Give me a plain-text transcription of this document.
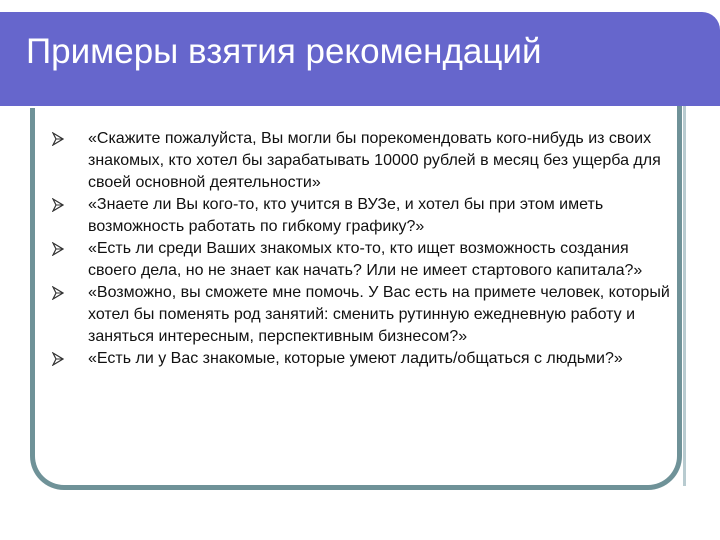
Примеры взятия рекомендаций
«Скажите пожалуйста, Вы могли бы порекомендовать кого-нибудь из своих знакомых, кто хотел бы зарабатывать 10000 рублей в месяц без ущерба для своей основной деятельности»
«Знаете ли Вы кого-то, кто учится в ВУЗе, и хотел бы при этом иметь возможность работать по гибкому графику?»
«Есть ли среди Ваших знакомых кто-то, кто ищет возможность создания своего дела, но не знает как начать? Или не имеет стартового капитала?»
«Возможно, вы сможете мне помочь. У Вас есть на примете человек, который хотел бы поменять род занятий: сменить рутинную ежедневную работу и заняться интересным, перспективным бизнесом?»
«Есть ли у Вас знакомые, которые умеют ладить/общаться с людьми?»
